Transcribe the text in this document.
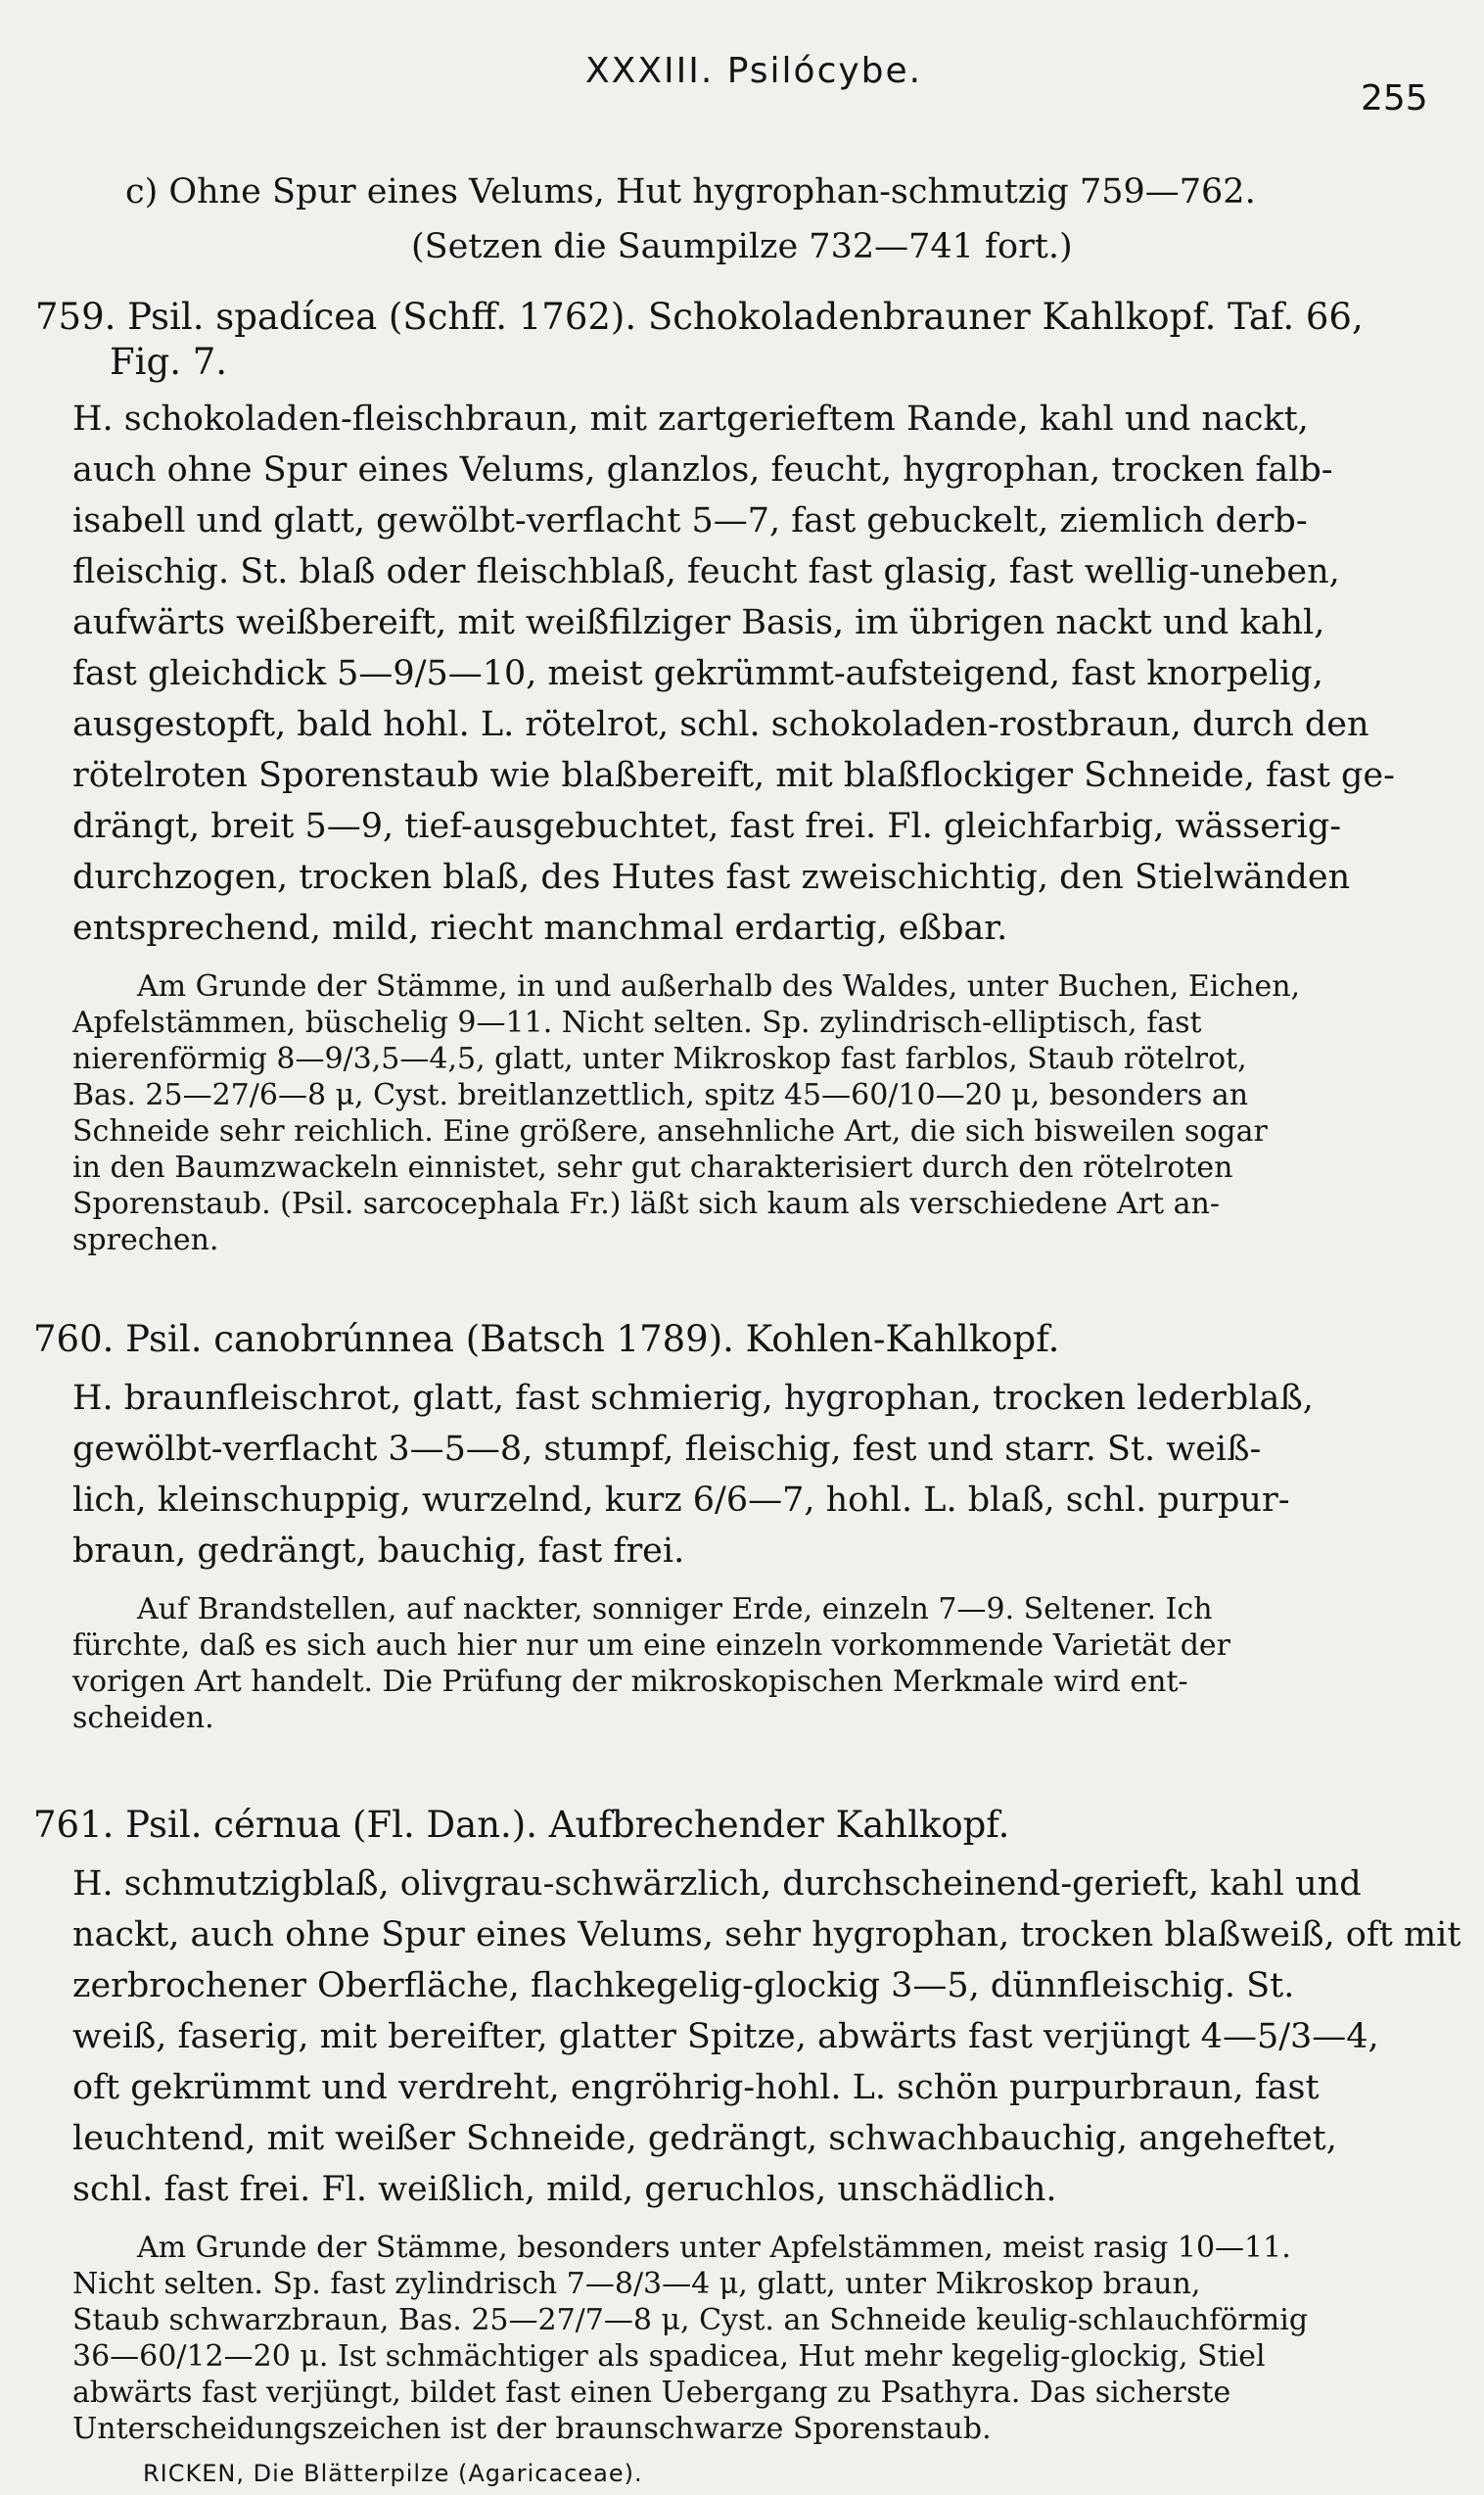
XXXIII. Psilócybe.
255
c) Ohne Spur eines Velums, Hut hygrophan-schmutzig 759—762.
(Setzen die Saumpilze 732—741 fort.)
759. Psil. spadícea (Schff. 1762). Schokoladenbrauner Kahlkopf. Taf. 66,
Fig. 7.
H. schokoladen-fleischbraun, mit zartgerieftem Rande, kahl und nackt,
auch ohne Spur eines Velums, glanzlos, feucht, hygrophan, trocken falb-
isabell und glatt, gewölbt-verflacht 5—7, fast gebuckelt, ziemlich derb-
fleischig. St. blaß oder fleischblaß, feucht fast glasig, fast wellig-uneben,
aufwärts weißbereift, mit weißfilziger Basis, im übrigen nackt und kahl,
fast gleichdick 5—9/5—10, meist gekrümmt-aufsteigend, fast knorpelig,
ausgestopft, bald hohl. L. rötelrot, schl. schokoladen-rostbraun, durch den
rötelroten Sporenstaub wie blaßbereift, mit blaßflockiger Schneide, fast ge-
drängt, breit 5—9, tief-ausgebuchtet, fast frei. Fl. gleichfarbig, wässerig-
durchzogen, trocken blaß, des Hutes fast zweischichtig, den Stielwänden
entsprechend, mild, riecht manchmal erdartig, eßbar.
Am Grunde der Stämme, in und außerhalb des Waldes, unter Buchen, Eichen,
Apfelstämmen, büschelig 9—11. Nicht selten. Sp. zylindrisch-elliptisch, fast
nierenförmig 8—9/3,5—4,5, glatt, unter Mikroskop fast farblos, Staub rötelrot,
Bas. 25—27/6—8 μ, Cyst. breitlanzettlich, spitz 45—60/10—20 μ, besonders an
Schneide sehr reichlich. Eine größere, ansehnliche Art, die sich bisweilen sogar
in den Baumzwackeln einnistet, sehr gut charakterisiert durch den rötelroten
Sporenstaub. (Psil. sarcocephala Fr.) läßt sich kaum als verschiedene Art an-
sprechen.
760. Psil. canobrúnnea (Batsch 1789). Kohlen-Kahlkopf.
H. braunfleischrot, glatt, fast schmierig, hygrophan, trocken lederblaß,
gewölbt-verflacht 3—5—8, stumpf, fleischig, fest und starr. St. weiß-
lich, kleinschuppig, wurzelnd, kurz 6/6—7, hohl. L. blaß, schl. purpur-
braun, gedrängt, bauchig, fast frei.
Auf Brandstellen, auf nackter, sonniger Erde, einzeln 7—9. Seltener. Ich
fürchte, daß es sich auch hier nur um eine einzeln vorkommende Varietät der
vorigen Art handelt. Die Prüfung der mikroskopischen Merkmale wird ent-
scheiden.
761. Psil. cérnua (Fl. Dan.). Aufbrechender Kahlkopf.
H. schmutzigblaß, olivgrau-schwärzlich, durchscheinend-gerieft, kahl und
nackt, auch ohne Spur eines Velums, sehr hygrophan, trocken blaßweiß, oft mit
zerbrochener Oberfläche, flachkegelig-glockig 3—5, dünnfleischig. St.
weiß, faserig, mit bereifter, glatter Spitze, abwärts fast verjüngt 4—5/3—4,
oft gekrümmt und verdreht, engröhrig-hohl. L. schön purpurbraun, fast
leuchtend, mit weißer Schneide, gedrängt, schwachbauchig, angeheftet,
schl. fast frei. Fl. weißlich, mild, geruchlos, unschädlich.
Am Grunde der Stämme, besonders unter Apfelstämmen, meist rasig 10—11.
Nicht selten. Sp. fast zylindrisch 7—8/3—4 μ, glatt, unter Mikroskop braun,
Staub schwarzbraun, Bas. 25—27/7—8 μ, Cyst. an Schneide keulig-schlauchförmig
36—60/12—20 μ. Ist schmächtiger als spadicea, Hut mehr kegelig-glockig, Stiel
abwärts fast verjüngt, bildet fast einen Uebergang zu Psathyra. Das sicherste
Unterscheidungszeichen ist der braunschwarze Sporenstaub.
RICKEN, Die Blätterpilze (Agaricaceae).
